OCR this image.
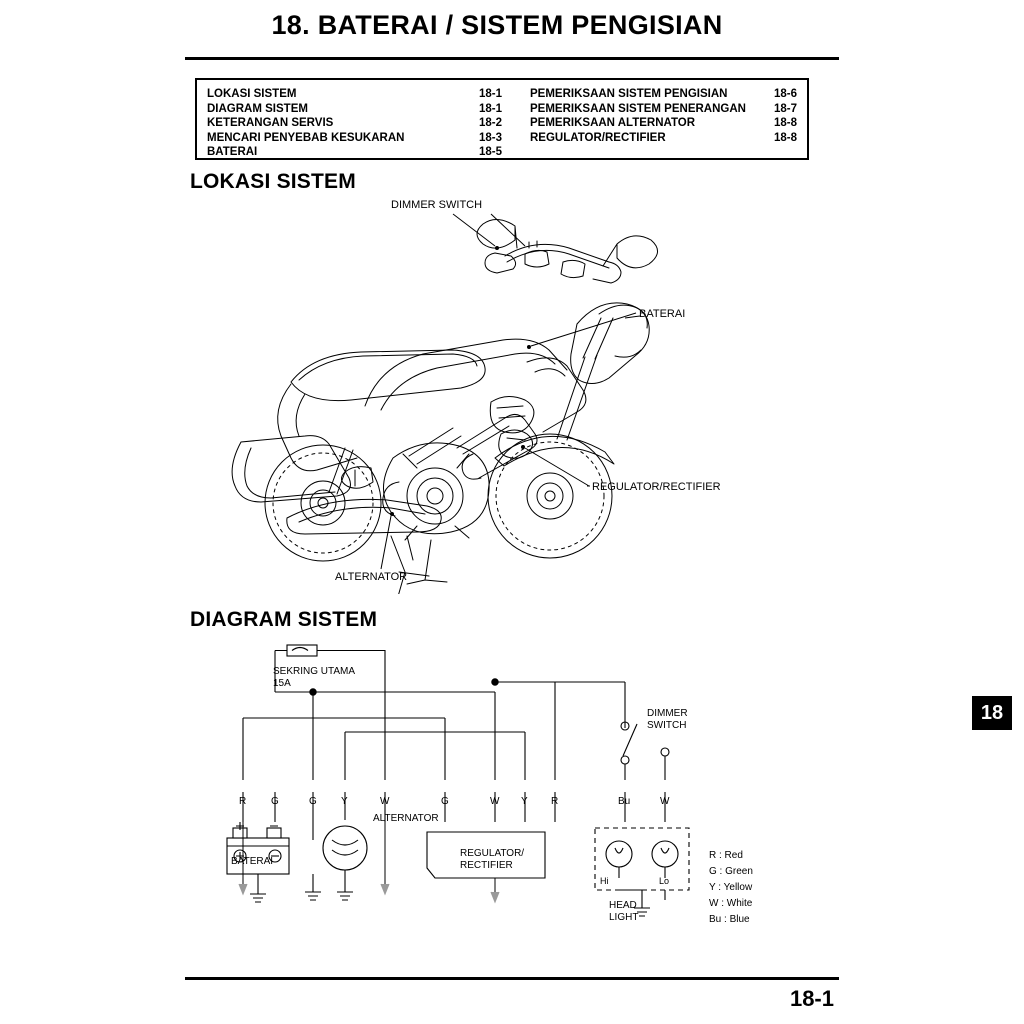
18. BATERAI / SISTEM PENGISIAN
LOKASI SISTEM	18-1
DIAGRAM SISTEM	18-1
KETERANGAN SERVIS	18-2
MENCARI PENYEBAB KESUKARAN	18-3
BATERAI	18-5
PEMERIKSAAN SISTEM PENGISIAN	18-6
PEMERIKSAAN SISTEM PENERANGAN	18-7
PEMERIKSAAN ALTERNATOR	18-8
REGULATOR/RECTIFIER	18-8
LOKASI SISTEM
DIMMER SWITCH
BATERAI
REGULATOR/RECTIFIER
ALTERNATOR
DIAGRAM SISTEM
SEKRING UTAMA
15A
ALTERNATOR
BATERAI
REGULATOR/
RECTIFIER
DIMMER
SWITCH
Hi	Lo
HEAD
LIGHT
R G	G Y	W	G	W Y R	Bu	W
R : Red
G : Green
Y : Yellow
W : White
Bu : Blue
18
18-1
